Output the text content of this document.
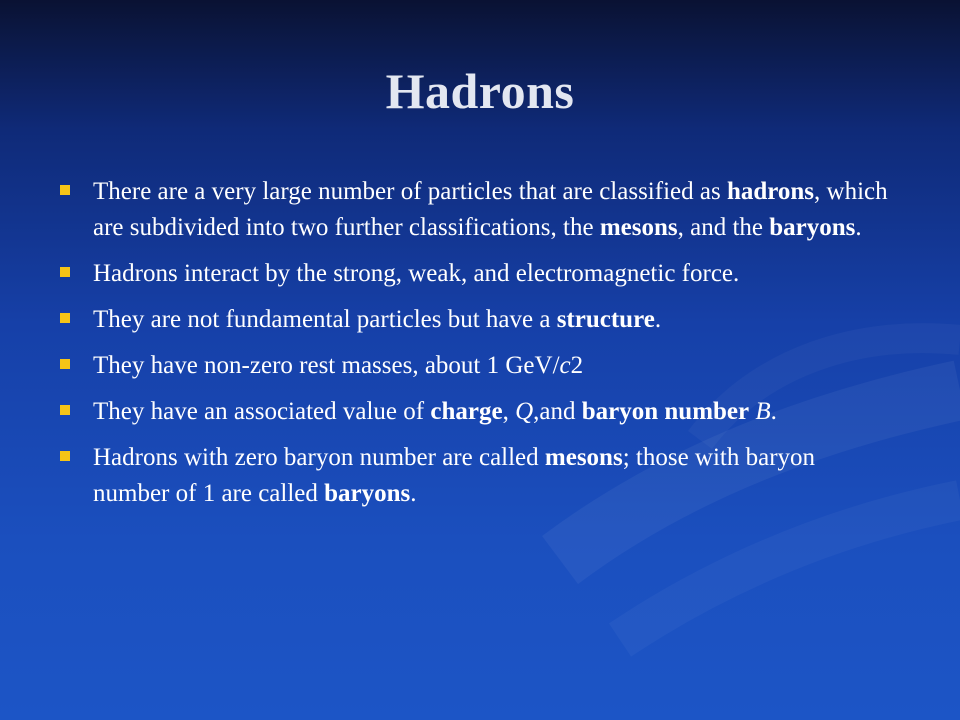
Hadrons
There are a very large number of particles that are classified as hadrons, which are subdivided into two further classifications, the mesons, and the baryons.
Hadrons interact by the strong, weak, and electromagnetic force.
They are not fundamental particles but have a structure.
They have non-zero rest masses, about 1 GeV/c2
They have an associated value of charge, Q,and baryon number B.
Hadrons with zero baryon number are called mesons; those with baryon number of 1 are called baryons.
